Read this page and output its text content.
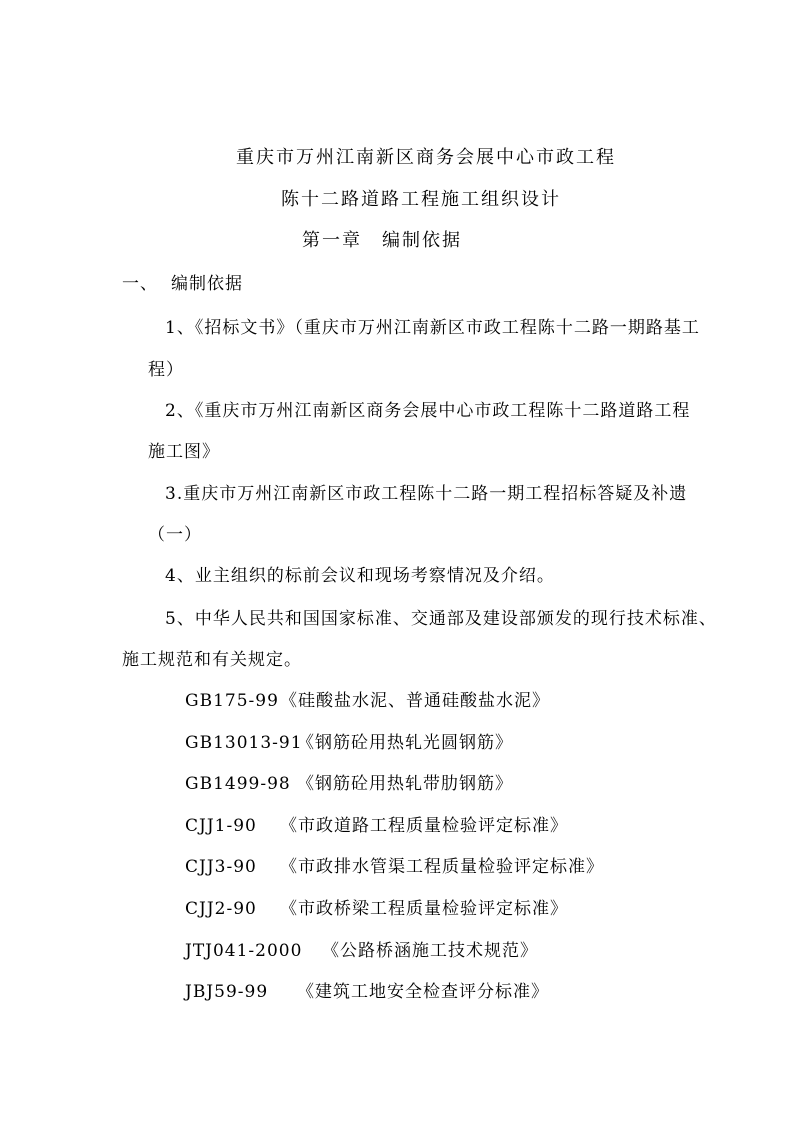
重庆市万州江南新区商务会展中心市政工程
陈十二路道路工程施工组织设计
第一章　编制依据
一、 编制依据
1、《招标文书》（重庆市万州江南新区市政工程陈十二路一期路基工
程）
2、《重庆市万州江南新区商务会展中心市政工程陈十二路道路工程
施工图》
3.重庆市万州江南新区市政工程陈十二路一期工程招标答疑及补遗
（一）
4、业主组织的标前会议和现场考察情况及介绍。
5、中华人民共和国国家标准、交通部及建设部颁发的现行技术标准、
施工规范和有关规定。
GB175-99 《硅酸盐水泥、普通硅酸盐水泥》
GB13013-91
《钢筋砼用热轧光圆钢筋》
GB1499-98 《钢筋砼用热轧带肋钢筋》
CJJ1-90 《市政道路工程质量检验评定标准》
CJJ3-90 《市政排水管渠工程质量检验评定标准》
CJJ2-90 《市政桥梁工程质量检验评定标准》
JTJ041-2000 《公路桥涵施工技术规范》
JBJ59-99 《建筑工地安全检查评分标准》
